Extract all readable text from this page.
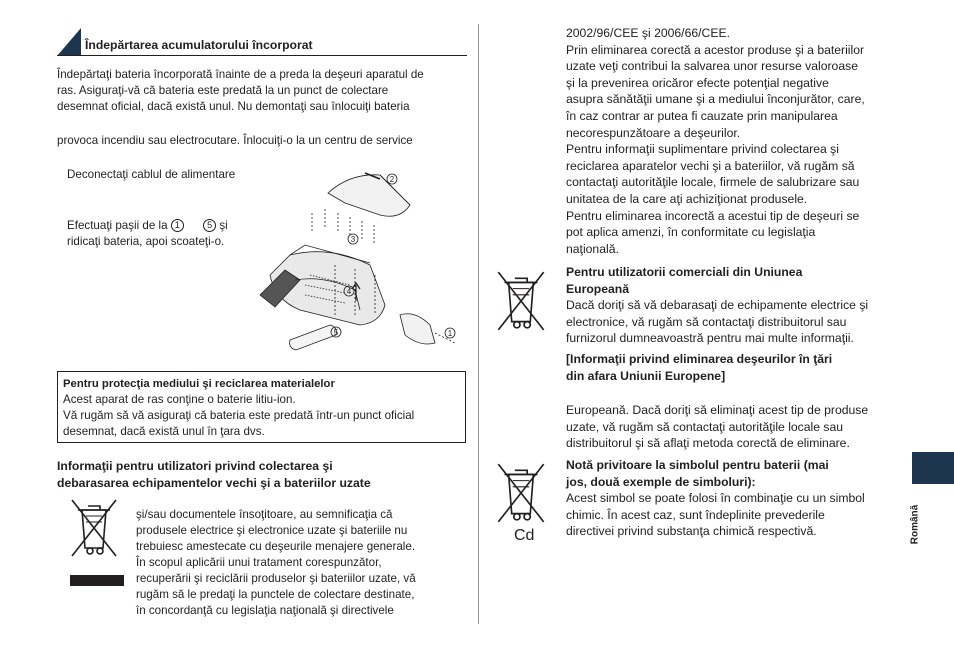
Îndepărtarea acumulatorului încorporat
Îndepărtaţi bateria încorporată înainte de a preda la deşeuri aparatul de
ras. Asiguraţi-vă că bateria este predată la un punct de colectare
desemnat oficial, dacă există unul. Nu demontaţi sau înlocuiţi bateria
provoca incendiu sau electrocutare. Înlocuiţi-o la un centru de service
Deconectaţi cablul de alimentare
Efectuaţi paşii de la 1	5 şi
ridicaţi bateria, apoi scoateţi-o.
2
3
4
5	1
Pentru protecţia mediului şi reciclarea materialelor
Acest aparat de ras conţine o baterie litiu-ion.
Vă rugăm să vă asiguraţi că bateria este predată într-un punct oficial
desemnat, dacă există unul în ţara dvs.
Informaţii pentru utilizatori privind colectarea şi
debarasarea echipamentelor vechi şi a bateriilor uzate
şi/sau documentele însoţitoare, au semnificaţia că
produsele electrice şi electronice uzate şi bateriile nu
trebuiesc amestecate cu deşeurile menajere generale.
În scopul aplicării unui tratament corespunzător,
recuperării şi reciclării produselor şi bateriilor uzate, vă
rugăm să le predaţi la punctele de colectare destinate,
în concordanţă cu legislaţia naţională şi directivele
2002/96/CEE şi 2006/66/CEE.
Prin eliminarea corectă a acestor produse şi a bateriilor
uzate veţi contribui la salvarea unor resurse valoroase
şi la prevenirea oricăror efecte potenţial negative
asupra sănătăţii umane şi a mediului înconjurător, care,
în caz contrar ar putea fi cauzate prin manipularea
necorespunzătoare a deşeurilor.
Pentru informaţii suplimentare privind colectarea şi
reciclarea aparatelor vechi şi a bateriilor, vă rugăm să
contactaţi autorităţile locale, firmele de salubrizare sau
unitatea de la care aţi achiziţionat produsele.
Pentru eliminarea incorectă a acestui tip de deşeuri se
pot aplica amenzi, în conformitate cu legislaţia
naţională.
Pentru utilizatorii comerciali din Uniunea
Europeană
Dacă doriţi să vă debarasaţi de echipamente electrice şi
electronice, vă rugăm să contactaţi distribuitorul sau
furnizorul dumneavoastră pentru mai multe informaţii.
[Informaţii privind eliminarea deşeurilor în ţări
din afara Uniunii Europene]
Europeană. Dacă doriţi să eliminaţi acest tip de produse
uzate, vă rugăm să contactaţi autorităţile locale sau
distribuitorul şi să aflaţi metoda corectă de eliminare.
Cd
Notă privitoare la simbolul pentru baterii (mai
jos, două exemple de simboluri):
Acest simbol se poate folosi în combinaţie cu un simbol
chimic. În acest caz, sunt îndeplinite prevederile
directivei privind substanţa chimică respectivă.	Română
